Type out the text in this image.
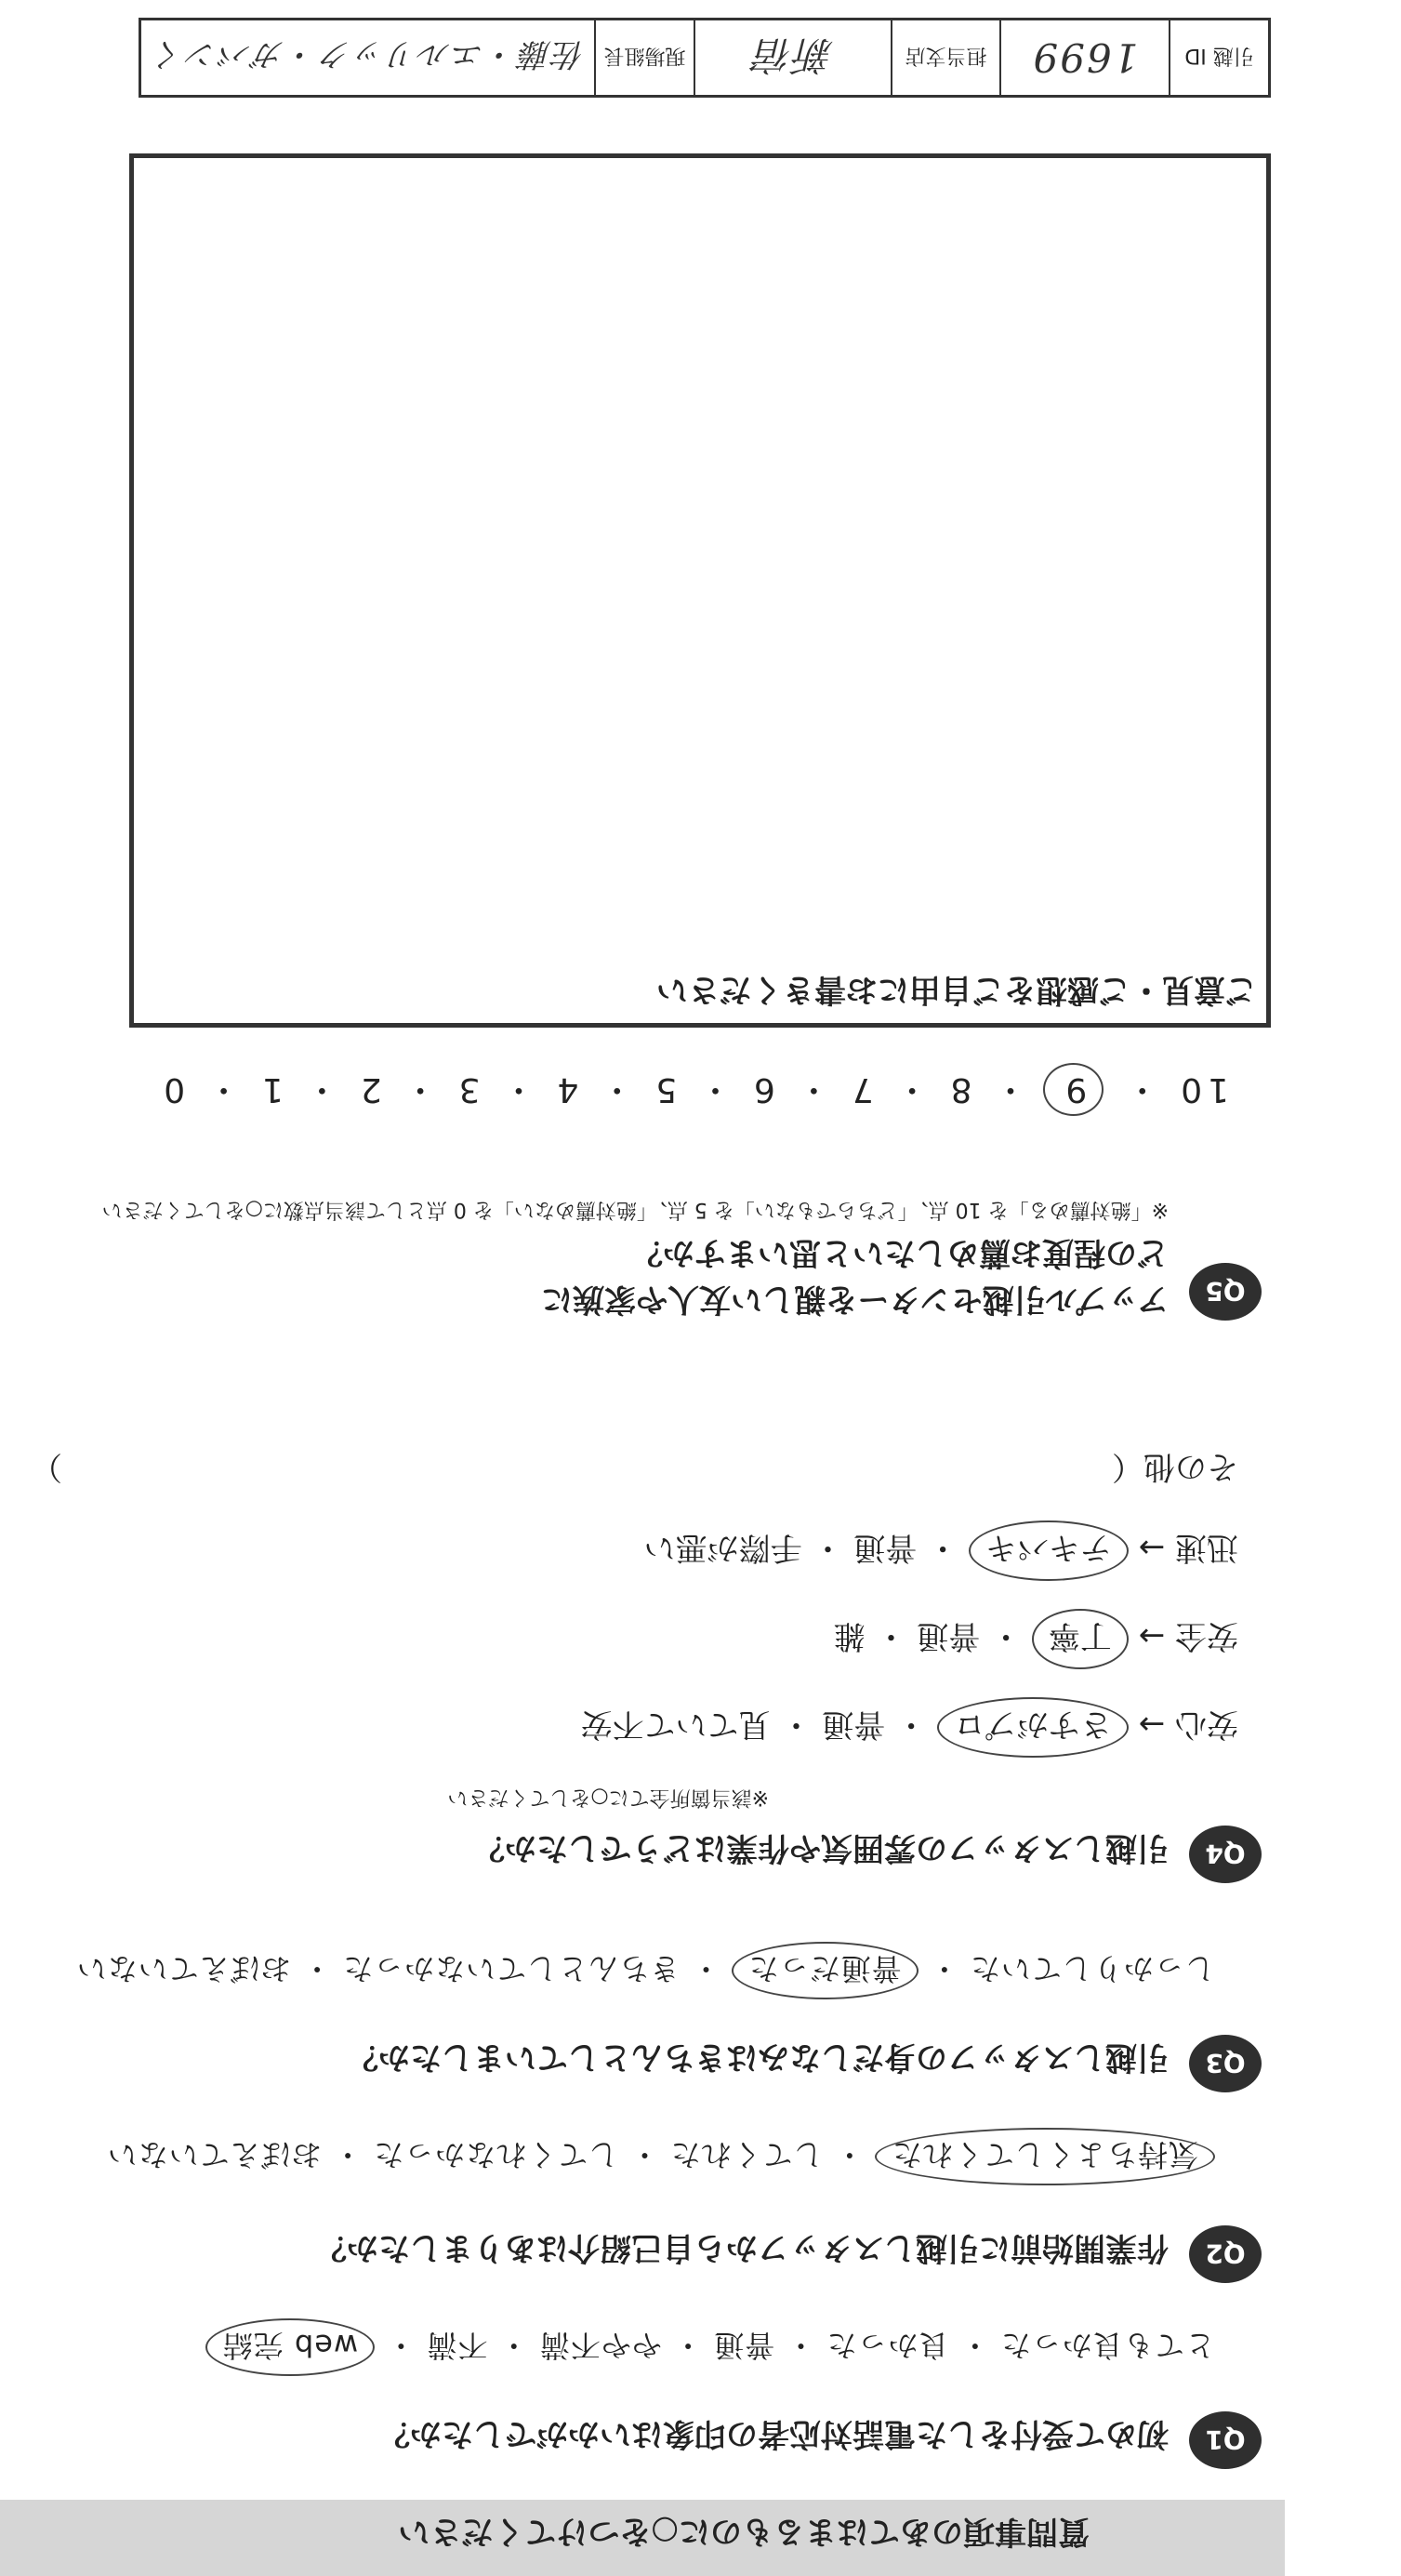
質問事項のあてはまるものに○をつけてください
Q1
初めて受付をした電話対応者の印象はいかがでしたか？
とても良かった ・ 良かった ・ 普通 ・ やや不満 ・ 不満 ・ web 完結
Q2
作業開始前に引越しスタッフから自己紹介はありましたか？
気持ちよくしてくれた ・ してくれた ・ してくれなかった ・ おぼえていない
Q3
引越しスタッフの身だしなみはきちんとしていましたか？
しっかりしていた ・ 普通だった ・ きちんとしていなかった ・ おぼえていない
Q4
引越しスタッフの雰囲気や作業はどうでしたか？
※該当箇所全てに○をしてください
安心 → さすがプロ ・ 普通 ・ 見ていて不安
安全 → 丁寧 ・ 普通 ・ 雑
迅速 → テキパキ ・ 普通 ・ 手際が悪い
その他（
）
Q5
アップル引越センターを親しい友人や家族に
どの程度お薦めしたいと思いますか？
※「絶対薦める」を 10 点、「どちらでもない」を 5 点、「絶対薦めない」を 0 点として該当点数に○をしてください
10 ・ 9 ・ 8 ・ 7 ・ 6 ・ 5 ・ 4 ・ 3 ・ 2 ・ 1 ・ 0
ご意見・ご感想をご自由にお書きください
引越 ID
1699
担当支店
新宿
現場組長
佐藤・エルリック・ガバンく
